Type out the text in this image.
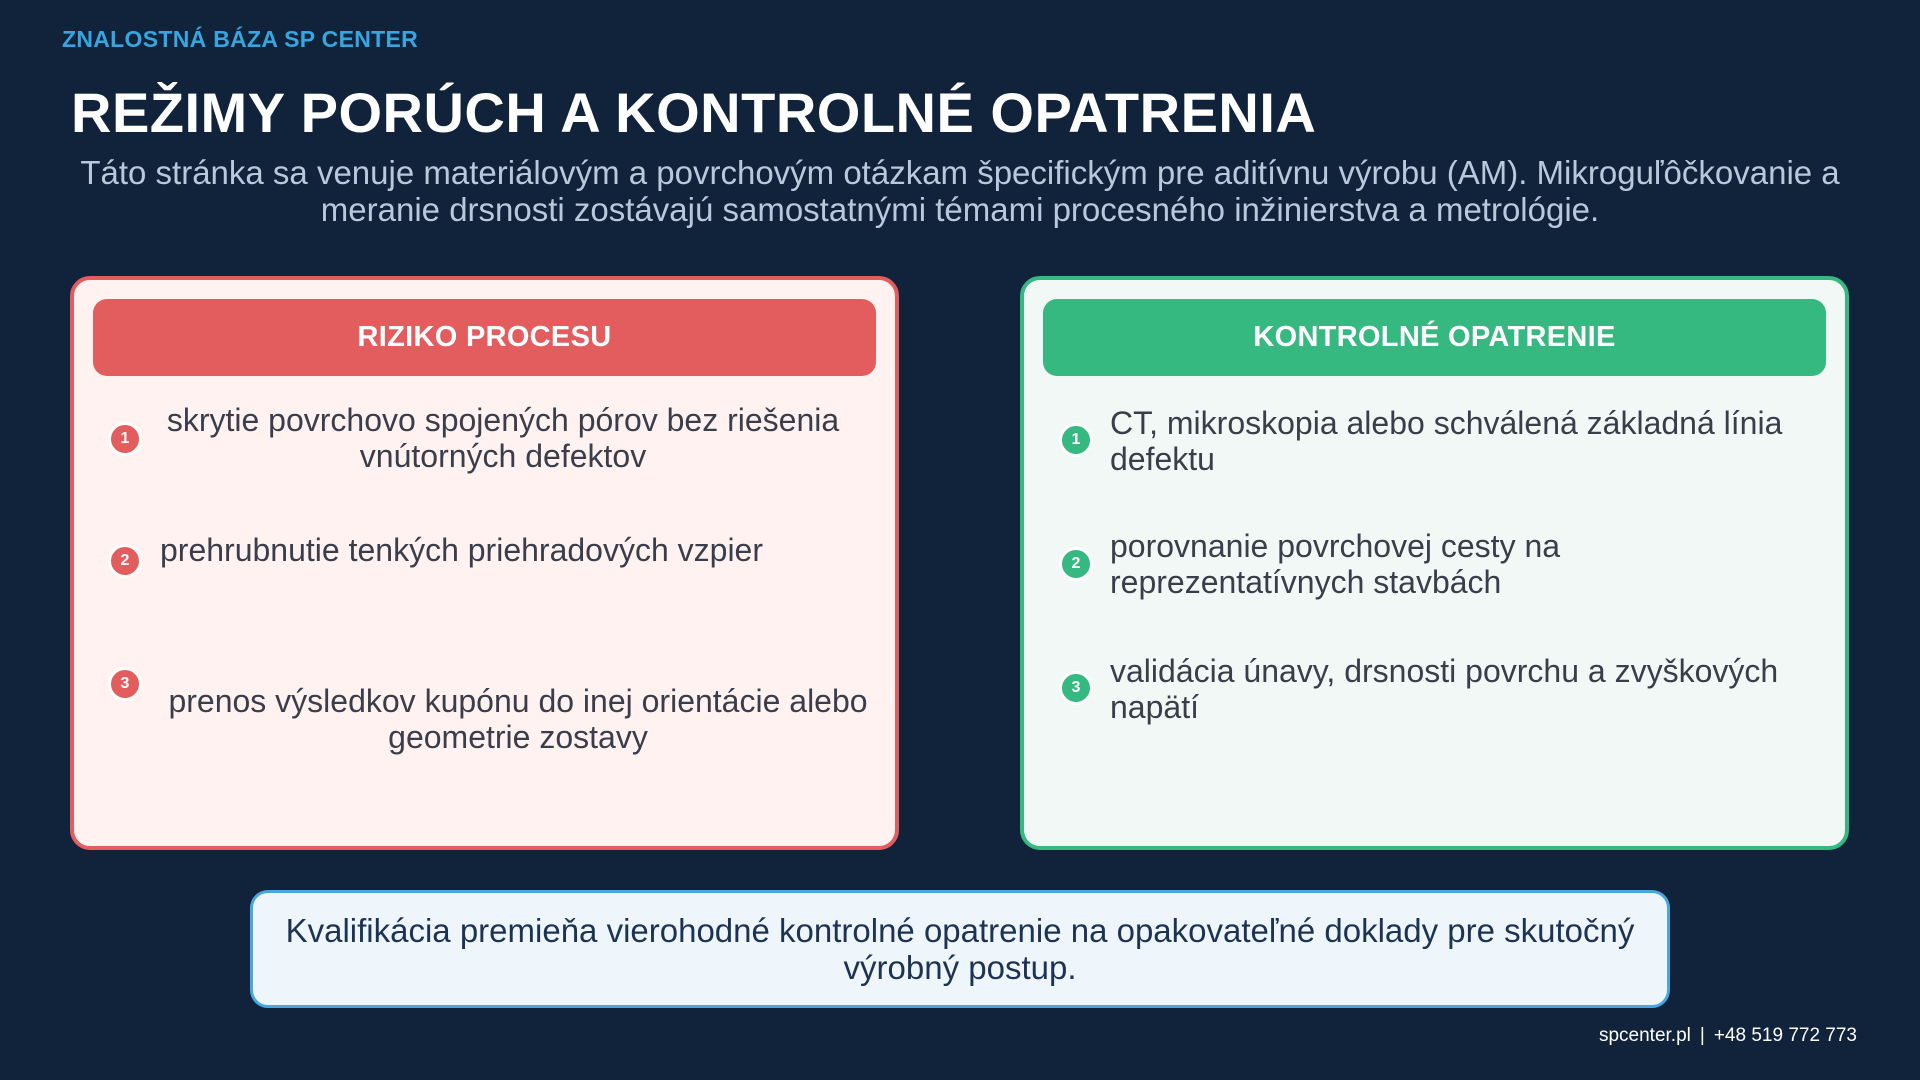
ZNALOSTNÁ BÁZA SP CENTER
REŽIMY PORÚCH A KONTROLNÉ OPATRENIA

Táto stránka sa venuje materiálovým a povrchovým otázkam špecifickým pre aditívnu výrobu (AM). Mikroguľôčkovanie a meranie drsnosti zostávajú samostatnými témami procesného inžinierstva a metrológie.

RIZIKO PROCESU
1
skrytie povrchovo spojených pórov bez riešenia vnútorných defektov
2 prehrubnutie tenkých priehradových vzpier
3	prenos výsledkov kupónu do inej orientácie alebo geometrie zostavy
KONTROLNÉ OPATRENIE
1 CT, mikroskopia alebo schválená základná línia defektu
2 porovnanie povrchovej cesty na reprezentatívnych stavbách
3 validácia únavy, drsnosti povrchu a zvyškových napätí
Kvalifikácia premieňa vierohodné kontrolné opatrenie na opakovateľné doklady pre skutočný výrobný postup.
spcenter.pl | +48 519 772 773
